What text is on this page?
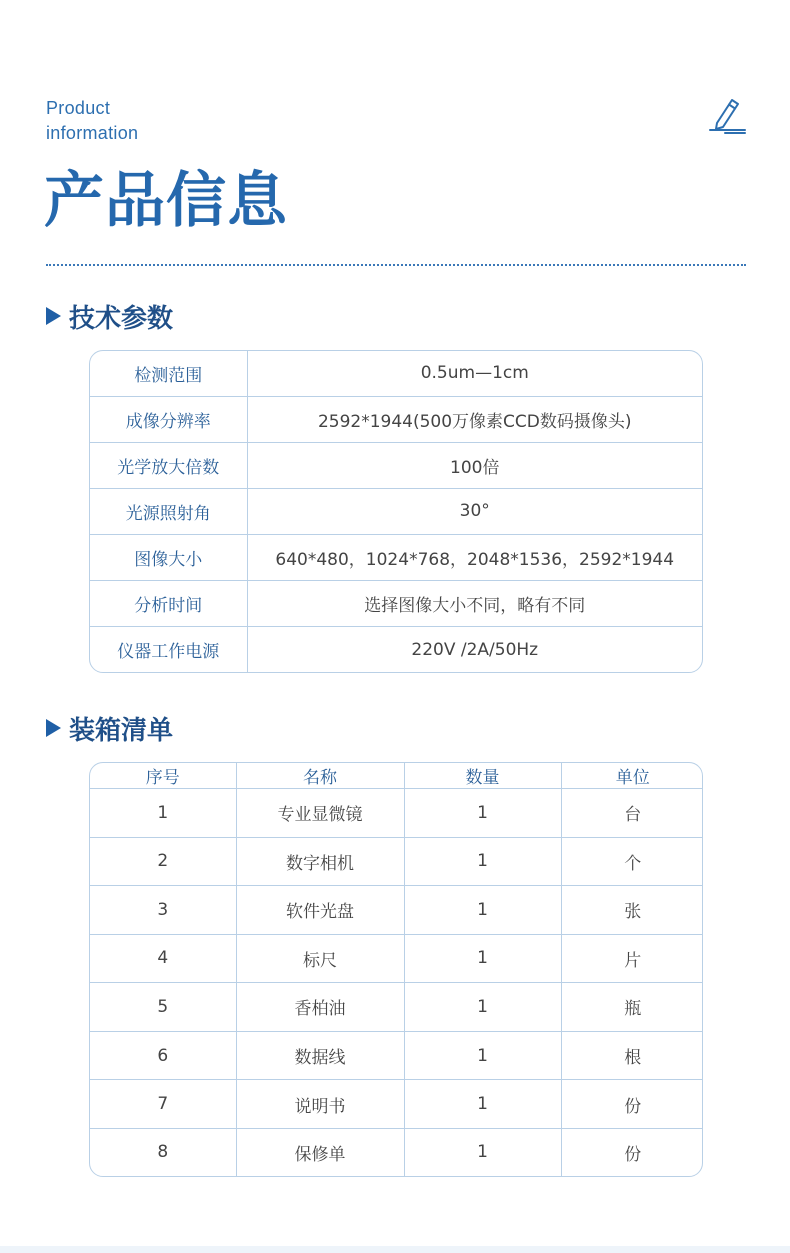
Product
information
产品信息
技术参数
检测范围	0.5um—1cm
成像分辨率	2592*1944(500万像素CCD数码摄像头)
光学放大倍数	100倍
光源照射角	30°
图像大小	640*480，1024*768，2048*1536，2592*1944
分析时间	选择图像大小不同，略有不同
仪器工作电源	220V /2A/50Hz
装箱清单
序号	名称	数量	单位
1	专业显微镜	1	台
2	数字相机	1	个
3	软件光盘	1	张
4	标尺	1	片
5	香柏油	1	瓶
6	数据线	1	根
7	说明书	1	份
8	保修单	1	份
